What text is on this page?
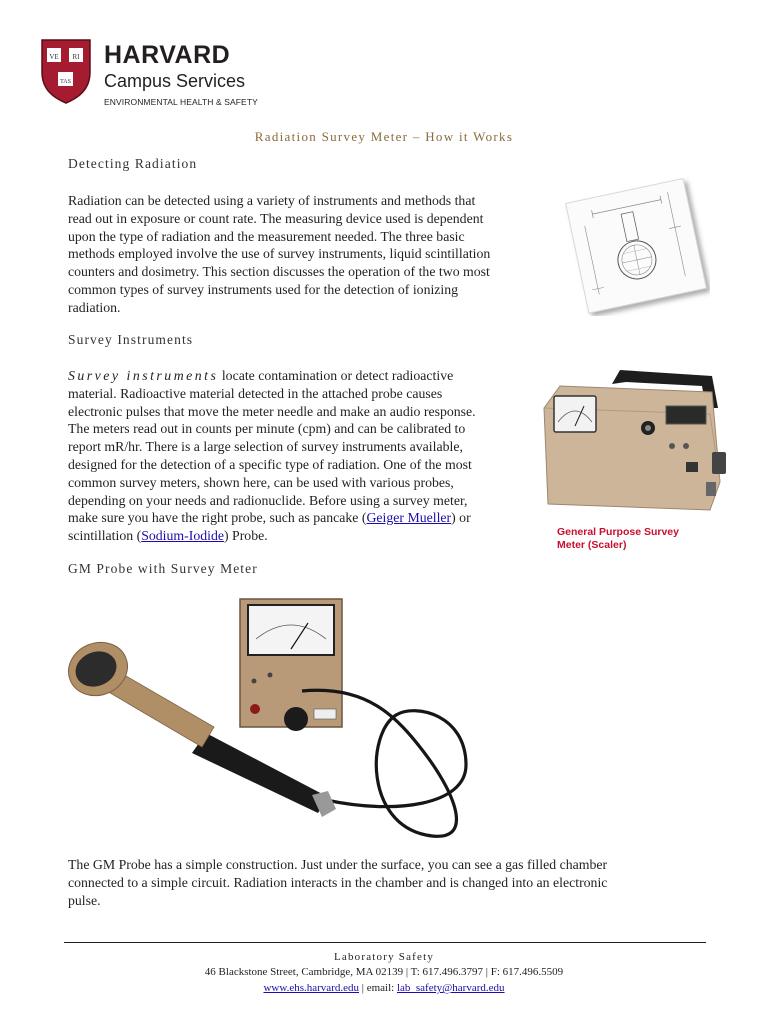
VE RI
TAS
HARVARD
Campus Services
ENVIRONMENTAL HEALTH & SAFETY
Radiation Survey Meter – How it Works
Detecting Radiation
Radiation can be detected using a variety of instruments and methods that
read out in exposure or count rate. The measuring device used is dependent
upon the type of radiation and the measurement needed. The three basic
methods employed involve the use of survey instruments, liquid scintillation
counters and dosimetry. This section discusses the operation of the two most
common types of survey instruments used for the detection of ionizing
radiation.
Survey Instruments
Survey instruments locate contamination or detect radioactive
material. Radioactive material detected in the attached probe causes
electronic pulses that move the meter needle and make an audio response.
The meters read out in counts per minute (cpm) and can be calibrated to
report mR/hr. There is a large selection of survey instruments available,
designed for the detection of a specific type of radiation. One of the most
common survey meters, shown here, can be used with various probes,
depending on your needs and radionuclide. Before using a survey meter,
make sure you have the right probe, such as pancake (Geiger Mueller) or
scintillation (Sodium-Iodide) Probe.	General Purpose Survey
Meter (Scaler)
GM Probe with Survey Meter
The GM Probe has a simple construction. Just under the surface, you can see a gas filled chamber
connected to a simple circuit. Radiation interacts in the chamber and is changed into an electronic
pulse.
Laboratory Safety
46 Blackstone Street, Cambridge, MA 02139 | T: 617.496.3797 | F: 617.496.5509
www.ehs.harvard.edu | email: lab_safety@harvard.edu
